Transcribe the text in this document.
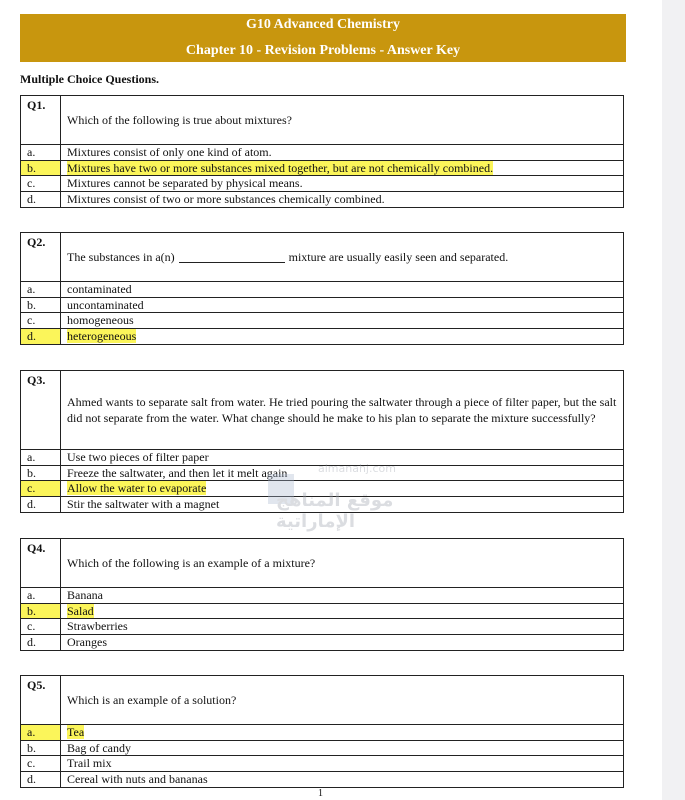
G10 Advanced Chemistry
Chapter 10 - Revision Problems - Answer Key
Multiple Choice Questions.
Q1.
Which of the following is true about mixtures?
a.	Mixtures consist of only one kind of atom.
b.	Mixtures have two or more substances mixed together, but are not chemically combined.
c.	Mixtures cannot be separated by physical means.
d.	Mixtures consist of two or more substances chemically combined.
Q2.
The substances in a(n)	mixture are usually easily seen and separated.
a.	contaminated
b.	uncontaminated
c.	homogeneous
d.	heterogeneous
Q3.
Ahmed wants to separate salt from water. He tried pouring the saltwater through a piece of filter paper, but the salt did not separate from the water. What change should he make to his plan to separate the mixture successfully?
a.	Use two pieces of filter paper
b.	Freeze the saltwater, and then let it melt again
c.	Allow the water to evaporate
d.	Stir the saltwater with a magnet
Q4.
Which of the following is an example of a mixture?
a.	Banana
b.	Salad
c.	Strawberries
d.	Oranges
Q5.
Which is an example of a solution?
a.	Tea
b.	Bag of candy
c.	Trail mix
d.	Cereal with nuts and bananas
almanahj.com
موقع المناهج الإماراتية
1
